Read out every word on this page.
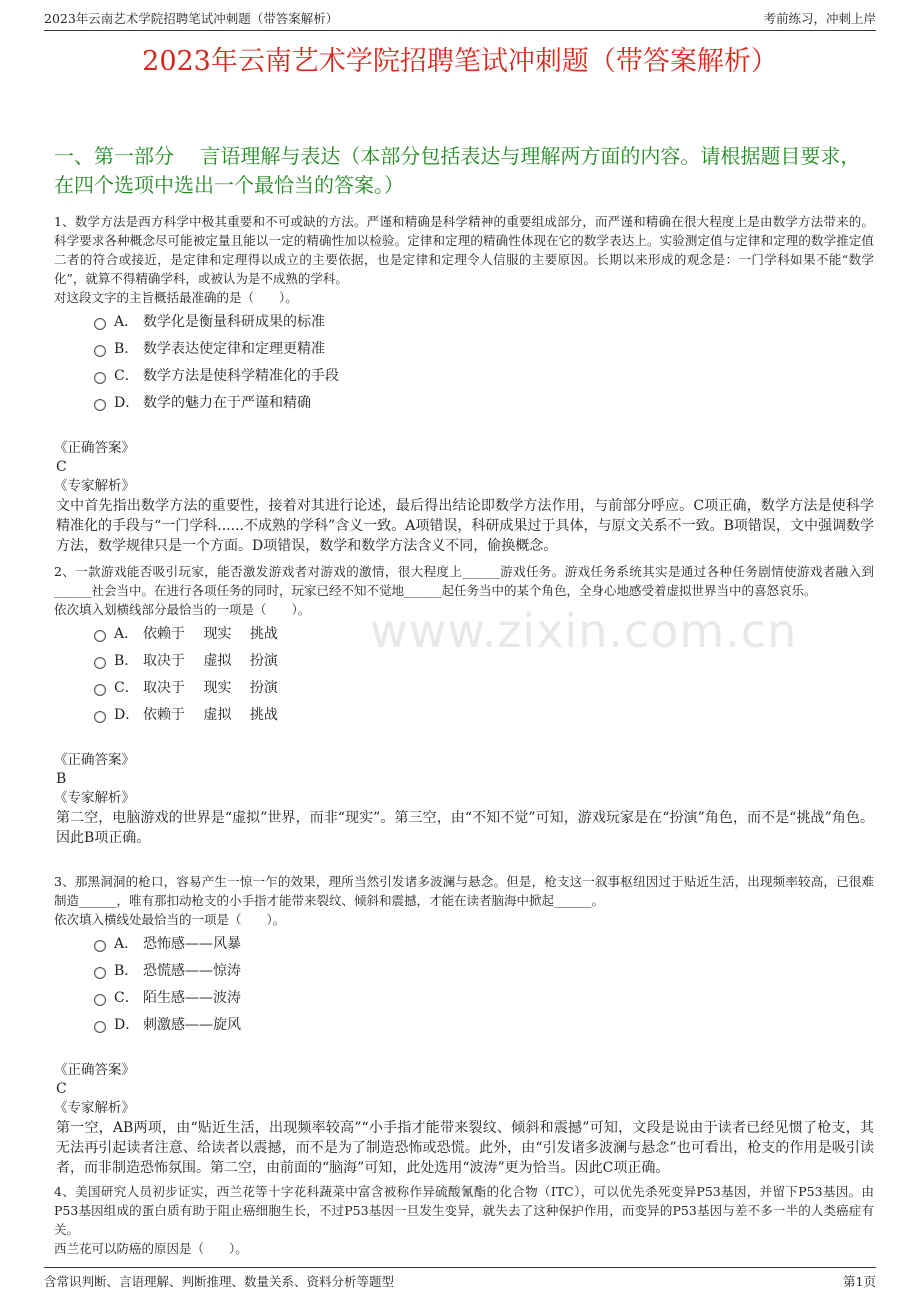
2023年云南艺术学院招聘笔试冲刺题（带答案解析）	考前练习，冲刺上岸
2023年云南艺术学院招聘笔试冲刺题（带答案解析）
一、第一部分　 言语理解与表达（本部分包括表达与理解两方面的内容。请根据题目要求，在四个选项中选出一个最恰当的答案。）

1、数学方法是西方科学中极其重要和不可或缺的方法。严谨和精确是科学精神的重要组成部分，而严谨和精确在很大程度上是由数学方法带来的。科学要求各种概念尽可能被定量且能以一定的精确性加以检验。定律和定理的精确性体现在它的数学表达上。实验测定值与定律和定理的数学推定值二者的符合或接近，是定律和定理得以成立的主要依据，也是定律和定理令人信服的主要原因。长期以来形成的观念是：一门学科如果不能“数学化”，就算不得精确学科，或被认为是不成熟的学科。

对这段文字的主旨概括最准确的是（　　）。

A． 数学化是衡量科研成果的标准
B． 数学表达使定律和定理更精准
C． 数学方法是使科学精准化的手段
D． 数学的魅力在于严谨和精确

《正确答案》

C

《专家解析》

文中首先指出数学方法的重要性，接着对其进行论述，最后得出结论即数学方法作用，与前部分呼应。C项正确，数学方法是使科学精准化的手段与“一门学科......不成熟的学科”含义一致。A项错误，科研成果过于具体，与原文关系不一致。B项错误，文中强调数学方法，数学规律只是一个方面。D项错误，数学和数学方法含义不同，偷换概念。

2、一款游戏能否吸引玩家，能否激发游戏者对游戏的激情，很大程度上______游戏任务。游戏任务系统其实是通过各种任务剧情使游戏者融入到______社会当中。在进行各项任务的同时，玩家已经不知不觉地______起任务当中的某个角色，全身心地感受着虚拟世界当中的喜怒哀乐。

依次填入划横线部分最恰当的一项是（　　）。

A． 依赖于　 现实　 挑战
B． 取决于　 虚拟　 扮演
C． 取决于　 现实　 扮演
D． 依赖于　 虚拟　 挑战

《正确答案》

B

《专家解析》

第二空，电脑游戏的世界是“虚拟”世界，而非“现实”。第三空，由“不知不觉”可知，游戏玩家是在“扮演”角色，而不是“挑战”角色。因此B项正确。

3、那黑洞洞的枪口，容易产生一惊一乍的效果，理所当然引发诸多波澜与悬念。但是，枪支这一叙事枢纽因过于贴近生活，出现频率较高，已很难制造______，唯有那扣动枪支的小手指才能带来裂纹、倾斜和震撼，才能在读者脑海中掀起______。

依次填入横线处最恰当的一项是（　　）。

A． 恐怖感——风暴
B． 恐慌感——惊涛
C． 陌生感——波涛
D． 刺激感——旋风

《正确答案》

C

《专家解析》

第一空，AB两项，由“贴近生活，出现频率较高”“小手指才能带来裂纹、倾斜和震撼”可知，文段是说由于读者已经见惯了枪支，其无法再引起读者注意、给读者以震撼，而不是为了制造恐怖或恐慌。此外，由“引发诸多波澜与悬念”也可看出，枪支的作用是吸引读者，而非制造恐怖氛围。第二空，由前面的“脑海”可知，此处选用“波涛”更为恰当。因此C项正确。

4、美国研究人员初步证实，西兰花等十字花科蔬菜中富含被称作异硫酸氰酯的化合物（ITC），可以优先杀死变异P53基因，并留下P53基因。由P53基因组成的蛋白质有助于阻止癌细胞生长，不过P53基因一旦发生变异，就失去了这种保护作用，而变异的P53基因与差不多一半的人类癌症有关。

西兰花可以防癌的原因是（　　）。

www.zixin.com.cn
含常识判断、言语理解、判断推理、数量关系、资料分析等题型	第1页
